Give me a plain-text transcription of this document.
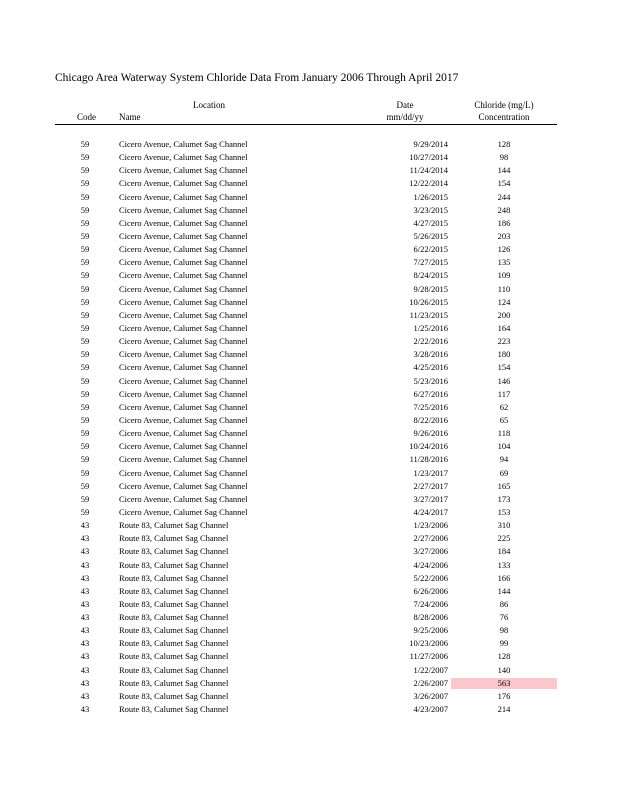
Chicago Area Waterway System Chloride Data From January 2006 Through April 2017
Location
Code	Name
Date
mm/dd/yy
Chloride (mg/L)
Concentration
59	Cicero Avenue, Calumet Sag Channel	9/29/2014	128
59	Cicero Avenue, Calumet Sag Channel	10/27/2014	98
59	Cicero Avenue, Calumet Sag Channel	11/24/2014	144
59	Cicero Avenue, Calumet Sag Channel	12/22/2014	154
59	Cicero Avenue, Calumet Sag Channel	1/26/2015	244
59	Cicero Avenue, Calumet Sag Channel	3/23/2015	248
59	Cicero Avenue, Calumet Sag Channel	4/27/2015	186
59	Cicero Avenue, Calumet Sag Channel	5/26/2015	203
59	Cicero Avenue, Calumet Sag Channel	6/22/2015	126
59	Cicero Avenue, Calumet Sag Channel	7/27/2015	135
59	Cicero Avenue, Calumet Sag Channel	8/24/2015	109
59	Cicero Avenue, Calumet Sag Channel	9/28/2015	110
59	Cicero Avenue, Calumet Sag Channel	10/26/2015	124
59	Cicero Avenue, Calumet Sag Channel	11/23/2015	200
59	Cicero Avenue, Calumet Sag Channel	1/25/2016	164
59	Cicero Avenue, Calumet Sag Channel	2/22/2016	223
59	Cicero Avenue, Calumet Sag Channel	3/28/2016	180
59	Cicero Avenue, Calumet Sag Channel	4/25/2016	154
59	Cicero Avenue, Calumet Sag Channel	5/23/2016	146
59	Cicero Avenue, Calumet Sag Channel	6/27/2016	117
59	Cicero Avenue, Calumet Sag Channel	7/25/2016	62
59	Cicero Avenue, Calumet Sag Channel	8/22/2016	65
59	Cicero Avenue, Calumet Sag Channel	9/26/2016	118
59	Cicero Avenue, Calumet Sag Channel	10/24/2016	104
59	Cicero Avenue, Calumet Sag Channel	11/28/2016	94
59	Cicero Avenue, Calumet Sag Channel	1/23/2017	69
59	Cicero Avenue, Calumet Sag Channel	2/27/2017	165
59	Cicero Avenue, Calumet Sag Channel	3/27/2017	173
59	Cicero Avenue, Calumet Sag Channel	4/24/2017	153
43	Route 83, Calumet Sag Channel	1/23/2006	310
43	Route 83, Calumet Sag Channel	2/27/2006	225
43	Route 83, Calumet Sag Channel	3/27/2006	184
43	Route 83, Calumet Sag Channel	4/24/2006	133
43	Route 83, Calumet Sag Channel	5/22/2006	166
43	Route 83, Calumet Sag Channel	6/26/2006	144
43	Route 83, Calumet Sag Channel	7/24/2006	86
43	Route 83, Calumet Sag Channel	8/28/2006	76
43	Route 83, Calumet Sag Channel	9/25/2006	98
43	Route 83, Calumet Sag Channel	10/23/2006	99
43	Route 83, Calumet Sag Channel	11/27/2006	128
43	Route 83, Calumet Sag Channel	1/22/2007	140
43	Route 83, Calumet Sag Channel	2/26/2007	563
43	Route 83, Calumet Sag Channel	3/26/2007	176
43	Route 83, Calumet Sag Channel	4/23/2007	214
